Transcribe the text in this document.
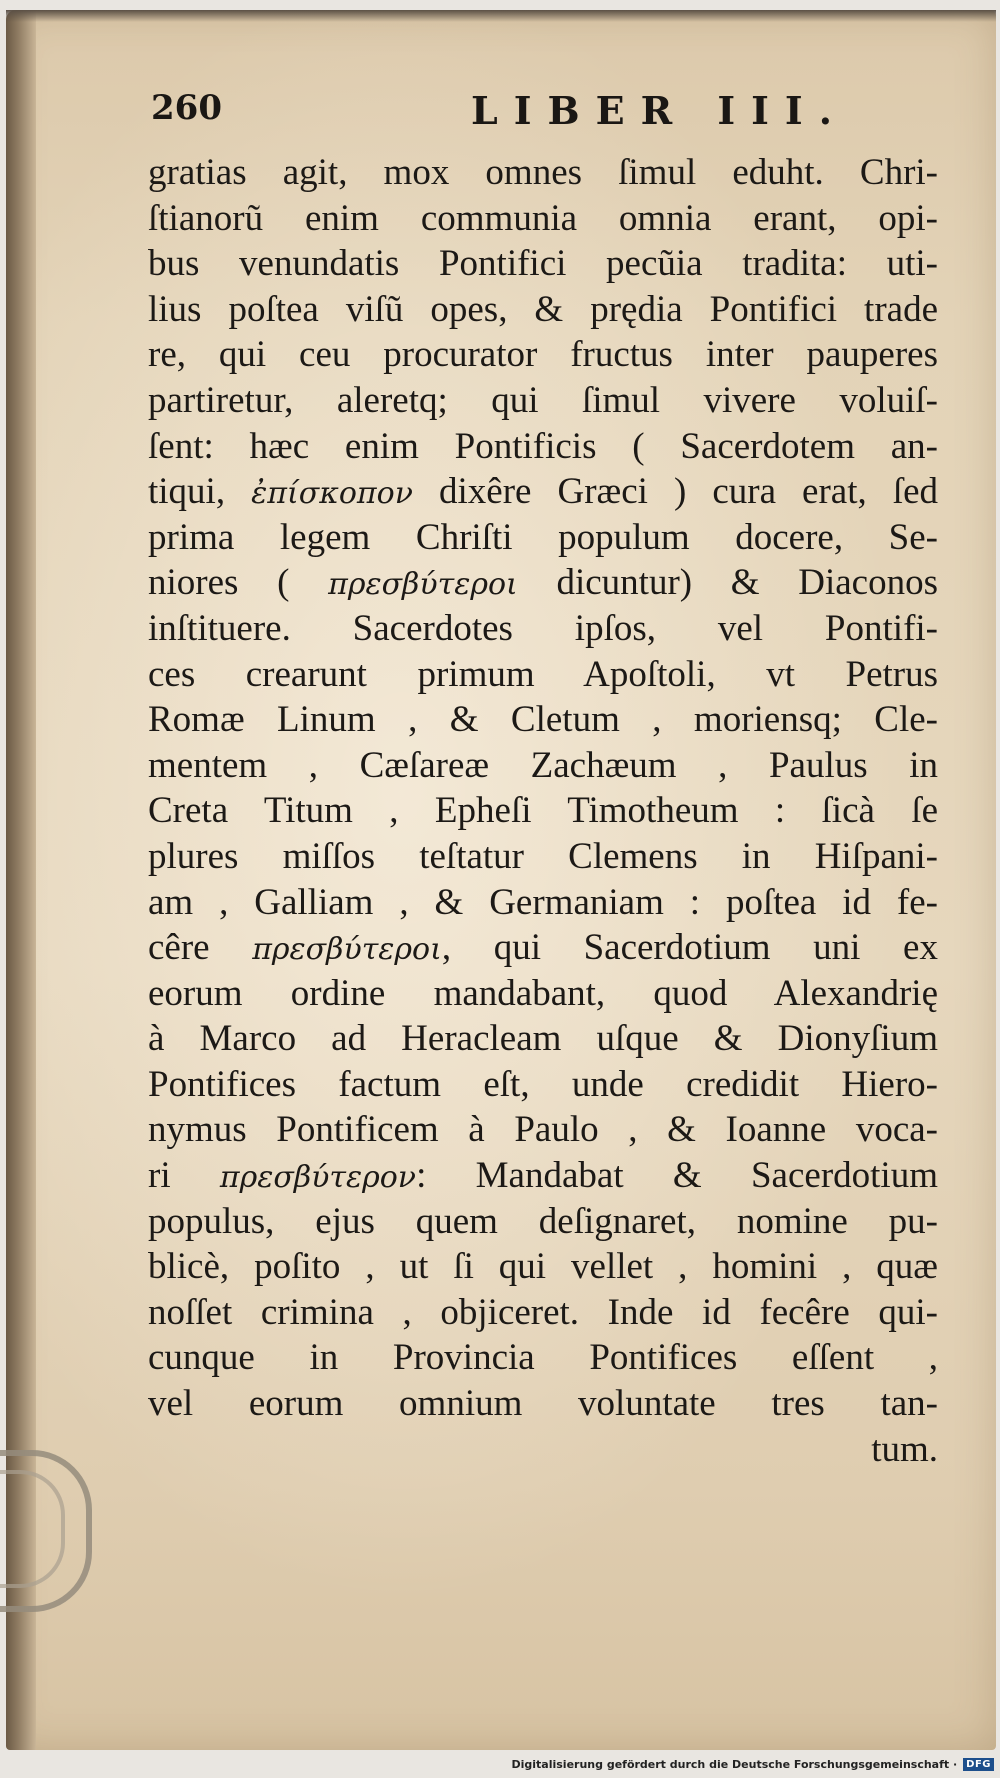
260	LIBER III.
gratias agit, mox omnes ſimul eduht. Chri-
ſtianorũ enim communia omnia erant, opi-
bus venundatis Pontifici pecũia tradita: uti-
lius poſtea viſũ opes, & prędia Pontifici trade
re, qui ceu procurator fructus inter pauperes
partiretur, aleretq; qui ſimul vivere voluiſ-
ſent: hæc enim Pontificis ( Sacerdotem an-
tiqui, ἐπίσκοπον dixêre Græci ) cura erat, ſed
prima legem Chriſti populum docere, Se-
niores ( πρεσβύτεροι dicuntur) & Diaconos
inſtituere. Sacerdotes ipſos, vel Pontifi-
ces crearunt primum Apoſtoli, vt Petrus
Romæ Linum , & Cletum , moriensq; Cle-
mentem , Cæſareæ Zachæum , Paulus in
Creta Titum , Epheſi Timotheum : ſicà ſe
plures miſſos teſtatur Clemens in Hiſpani-
am , Galliam , & Germaniam : poſtea id fe-
cêre πρεσβύτεροι, qui Sacerdotium uni ex
eorum ordine mandabant, quod Alexandrię
à Marco ad Heracleam uſque & Dionyſium
Pontifices factum eſt, unde credidit Hiero-
nymus Pontificem à Paulo , & Ioanne voca-
ri πρεσβύτερον: Mandabat & Sacerdotium
populus, ejus quem deſignaret, nomine pu-
blicè, poſito , ut ſi qui vellet , homini , quæ
noſſet crimina , objiceret. Inde id fecêre qui-
cunque in Provincia Pontifices eſſent ,
vel eorum omnium voluntate tres tan-
tum.
Digitalisierung gefördert durch die Deutsche Forschungsgemeinschaft · DFG
